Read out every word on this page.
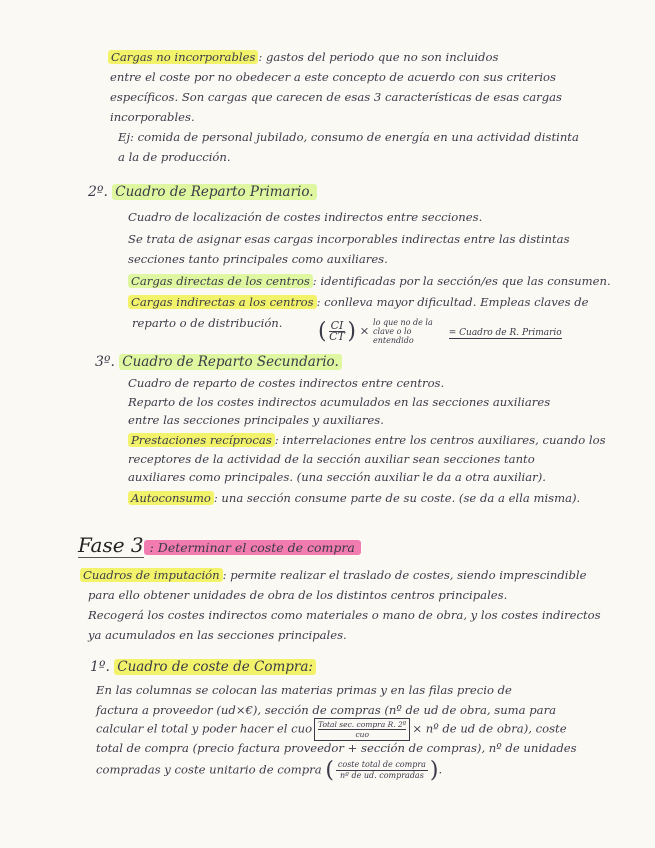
Cargas no incorporables : gastos del periodo que no son incluidos
entre el coste por no obedecer a este concepto de acuerdo con sus criterios
específicos. Son cargas que carecen de esas 3 características de esas cargas
incorporables.
Ej: comida de personal jubilado, consumo de energía en una actividad distinta
a la de producción.
2º. Cuadro de Reparto Primario.
Cuadro de localización de costes indirectos entre secciones.
Se trata de asignar esas cargas incorporables indirectas entre las distintas
secciones tanto principales como auxiliares.
Cargas directas de los centros : identificadas por la sección/es que las consumen.
Cargas indirectas a los centros : conlleva mayor dificultad. Empleas claves de
reparto o de distribución. ( $\frac{CI}{CT}$ ) × lo que no de la clave o lo entendido = Cuadro de R. Primario
3º. Cuadro de Reparto Secundario.
Cuadro de reparto de costes indirectos entre centros.
Reparto de los costes indirectos acumulados en las secciones auxiliares
entre las secciones principales y auxiliares.
Prestaciones recíprocas : interrelaciones entre los centros auxiliares, cuando los
receptores de la actividad de la sección auxiliar sean secciones tanto
auxiliares como principales. (una sección auxiliar le da a otra auxiliar).
Autoconsumo : una sección consume parte de su coste. (se da a ella misma).
Fase 3 : Determinar el coste de compra
Cuadros de imputación : permite realizar el traslado de costes, siendo imprescindible
para ello obtener unidades de obra de los distintos centros principales.
Recogerá los costes indirectos como materiales o mano de obra, y los costes indirectos
ya acumulados en las secciones principales.
1º. Cuadro de coste de Compra:
En las columnas se colocan las materias primas y en las filas precio de
factura a proveedor (ud×€), sección de compras (nº de ud de obra, suma para
calcular el total y poder hacer el cuo Total sec. compra R. 2º
cuo	× nº de ud de obra), coste
total de compra (precio factura proveedor + sección de compras), nº de unidades
compradas y coste unitario de compra ( $\frac{\text{coste total de compra}}{\text{nº de ud. compradas}}$ ).
